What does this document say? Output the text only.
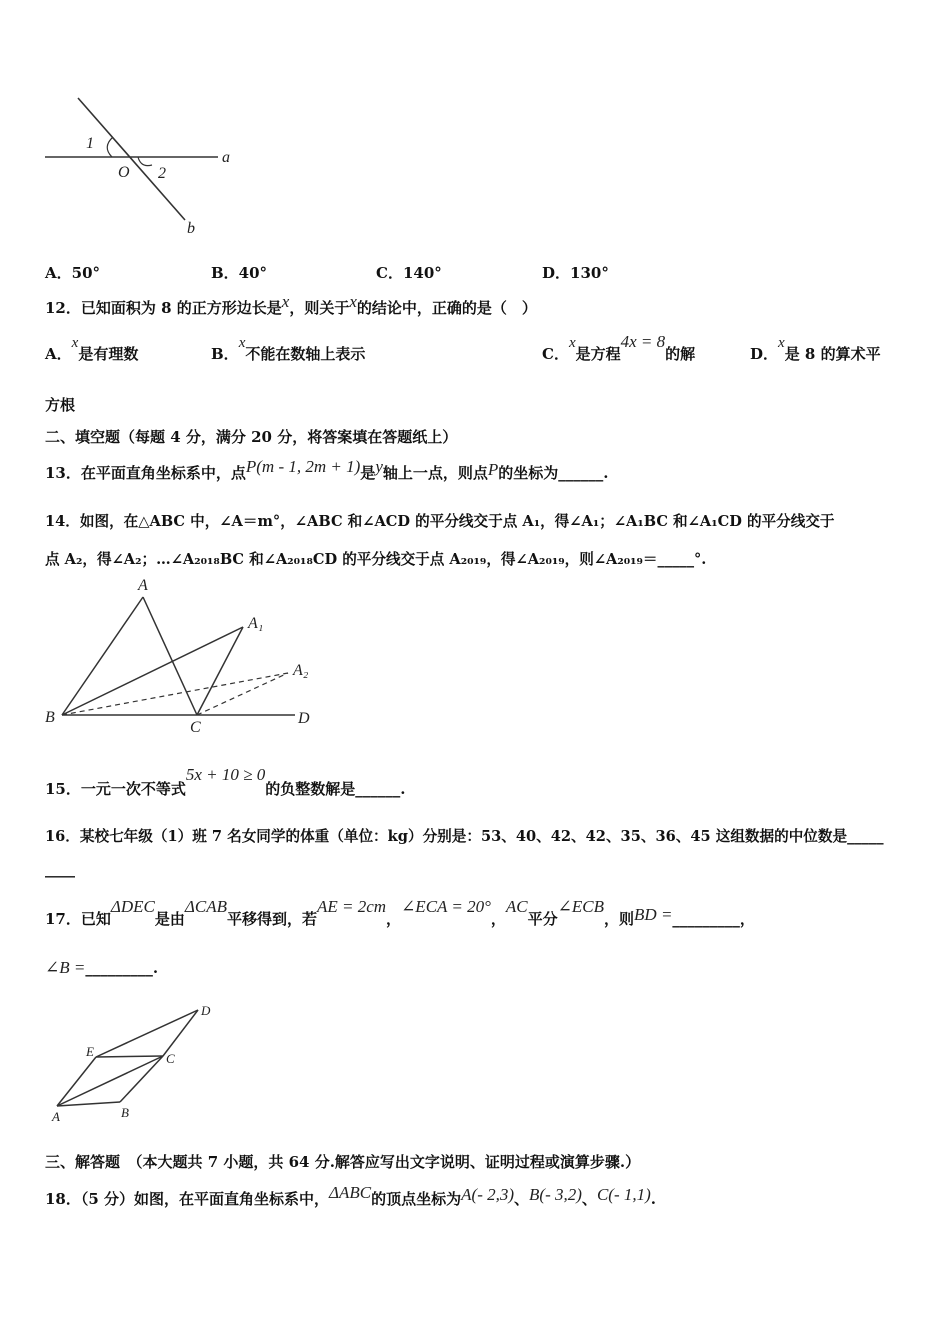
1
O 2
a
b
A．50°	B．40°	C．140°	D．130°
12．已知面积为 8 的正方形边长是x，则关于x的结论中，正确的是（　）
A．x是有理数	B．x不能在数轴上表示	C．x是方程4x = 8的解	D．x是 8 的算术平
方根
二、填空题（每题 4 分，满分 20 分，将答案填在答题纸上）
13．在平面直角坐标系中，点P(m - 1, 2m + 1)是y轴上一点，则点P的坐标为______.
14．如图，在△ABC 中，∠A＝m°，∠ABC 和∠ACD 的平分线交于点 A₁，得∠A₁；∠A₁BC 和∠A₁CD 的平分线交于
点 A₂，得∠A₂；…∠A₂₀₁₈BC 和∠A₂₀₁₈CD 的平分线交于点 A₂₀₁₉，得∠A₂₀₁₉，则∠A₂₀₁₉＝_____°.
A
A₁
A₂
B
C
D
15．一元一次不等式5x + 10 ≥ 0的负整数解是______.
16．某校七年级（1）班 7 名女同学的体重（单位：kg）分别是：53、40、42、42、35、36、45 这组数据的中位数是_____
____
17．已知ΔDEC是由ΔCAB平移得到，若AE = 2cm，∠ECA = 20°，AC平分∠ECB，则BD =_________，
∠B =_________.
A	B
C
D
E
三、解答题　（本大题共 7 小题，共 64 分.解答应写出文字说明、证明过程或演算步骤.）
18．（5 分）如图，在平面直角坐标系中，ΔABC的顶点坐标为A(- 2,3)、B(- 3,2)、C(- 1,1).
